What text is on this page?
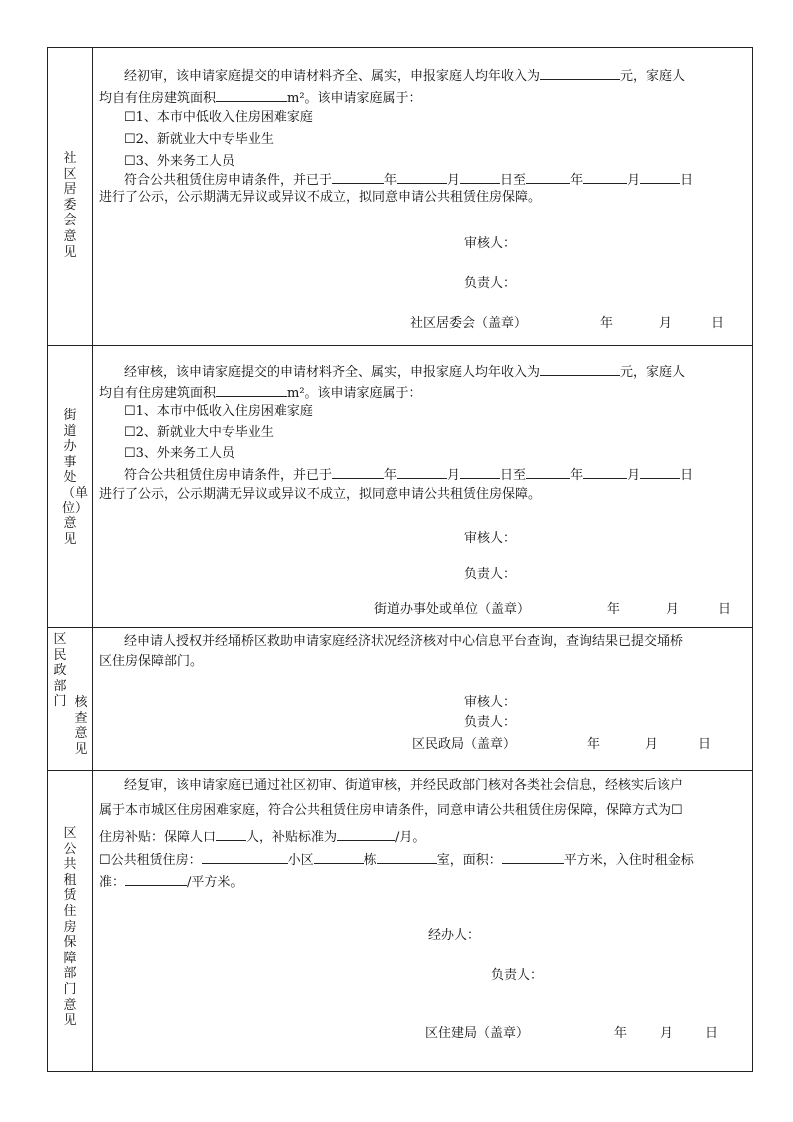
社区居委会意见
经初审，该申请家庭提交的申请材料齐全、属实，申报家庭人均年收入为	元，家庭人
均自有住房建筑面积	m²。该申请家庭属于：
☐1、本市中低收入住房困难家庭
☐2、新就业大中专毕业生
☐3、外来务工人员
符合公共租赁住房申请条件，并已于	年	月	日至	年	月	日
进行了公示，公示期满无异议或异议不成立，拟同意申请公共租赁住房保障。
审核人：
负责人：
社区居委会（盖章）	年	月	日
街道办事处
（单位）
意见
经审核，该申请家庭提交的申请材料齐全、属实，申报家庭人均年收入为	元，家庭人
均自有住房建筑面积	m²。该申请家庭属于：
☐1、本市中低收入住房困难家庭
☐2、新就业大中专毕业生
☐3、外来务工人员
符合公共租赁住房申请条件，并已于	年	月	日至	年	月	日
进行了公示，公示期满无异议或异议不成立，拟同意申请公共租赁住房保障。
审核人：
负责人：
街道办事处或单位（盖章）	年	月	日
区民政部门 核查意见
经申请人授权并经埇桥区救助申请家庭经济状况经济核对中心信息平台查询，查询结果已提交埇桥
区住房保障部门。
审核人：
负责人：
区民政局（盖章）	年	月	日
区公共租赁住房保障部门意见
经复审，该申请家庭已通过社区初审、街道审核，并经民政部门核对各类社会信息，经核实后该户
属于本市城区住房困难家庭，符合公共租赁住房申请条件，同意申请公共租赁住房保障，保障方式为☐
住房补贴：保障人口 人，补贴标准为	/月。
☐公共租赁住房：	小区	栋	室，面积：	平方米，入住时租金标
准：	/平方米。
经办人：
负责人：
区住建局（盖章）	年	月 日
